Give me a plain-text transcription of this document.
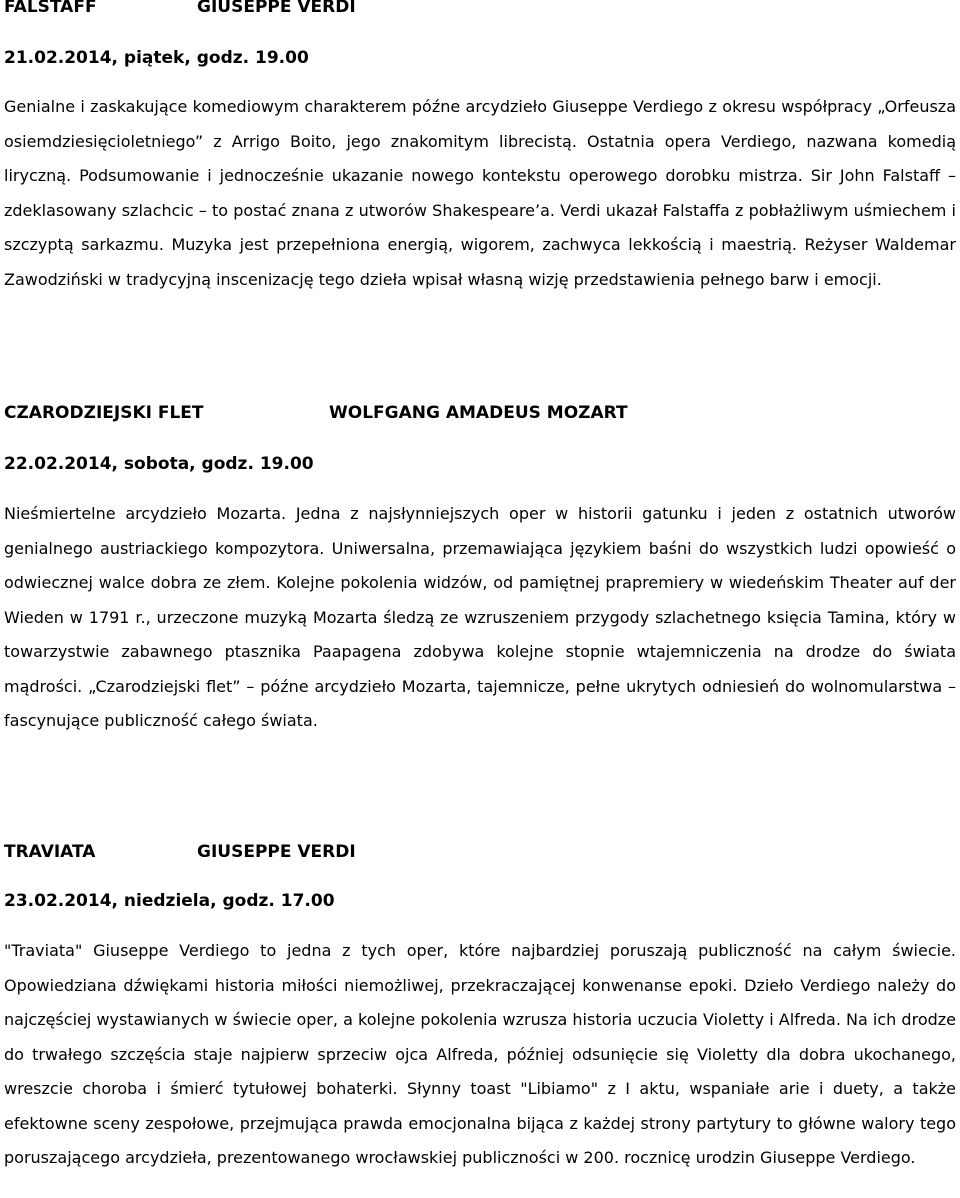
FALSTAFF	GIUSEPPE VERDI
21.02.2014, piątek, godz. 19.00

Genialne i zaskakujące komediowym charakterem późne arcydzieło Giuseppe Verdiego z okresu współpracy „Orfeusza osiemdziesięcioletniego” z Arrigo Boito, jego znakomitym librecistą. Ostatnia opera Verdiego, nazwana komedią liryczną. Podsumowanie i jednocześnie ukazanie nowego kontekstu operowego dorobku mistrza. Sir John Falstaff – zdeklasowany szlachcic – to postać znana z utworów Shakespeare’a. Verdi ukazał Falstaffa z pobłażliwym uśmiechem i szczyptą sarkazmu. Muzyka jest przepełniona energią, wigorem, zachwyca lekkością i maestrią. Reżyser Waldemar Zawodziński w tradycyjną inscenizację tego dzieła wpisał własną wizję przedstawienia pełnego barw i emocji.

CZARODZIEJSKI FLET	WOLFGANG AMADEUS MOZART
22.02.2014, sobota, godz. 19.00

Nieśmiertelne arcydzieło Mozarta. Jedna z najsłynniejszych oper w historii gatunku i jeden z ostatnich utworów genialnego austriackiego kompozytora. Uniwersalna, przemawiająca językiem baśni do wszystkich ludzi opowieść o odwiecznej walce dobra ze złem. Kolejne pokolenia widzów, od pamiętnej prapremiery w wiedeńskim Theater auf der Wieden w 1791 r., urzeczone muzyką Mozarta śledzą ze wzruszeniem przygody szlachetnego księcia Tamina, który w towarzystwie zabawnego ptasznika Paapagena zdobywa kolejne stopnie wtajemniczenia na drodze do świata mądrości. „Czarodziejski flet” – późne arcydzieło Mozarta, tajemnicze, pełne ukrytych odniesień do wolnomularstwa – fascynujące publiczność całego świata.

TRAVIATA	GIUSEPPE VERDI
23.02.2014, niedziela, godz. 17.00

"Traviata" Giuseppe Verdiego to jedna z tych oper, które najbardziej poruszają publiczność na całym świecie. Opowiedziana dźwiękami historia miłości niemożliwej, przekraczającej konwenanse epoki. Dzieło Verdiego należy do najczęściej wystawianych w świecie oper, a kolejne pokolenia wzrusza historia uczucia Violetty i Alfreda. Na ich drodze do trwałego szczęścia staje najpierw sprzeciw ojca Alfreda, później odsunięcie się Violetty dla dobra ukochanego, wreszcie choroba i śmierć tytułowej bohaterki. Słynny toast "Libiamo" z I aktu, wspaniałe arie i duety, a także efektowne sceny zespołowe, przejmująca prawda emocjonalna bijąca z każdej strony partytury to główne walory tego poruszającego arcydzieła, prezentowanego wrocławskiej publiczności w 200. rocznicę urodzin Giuseppe Verdiego.
